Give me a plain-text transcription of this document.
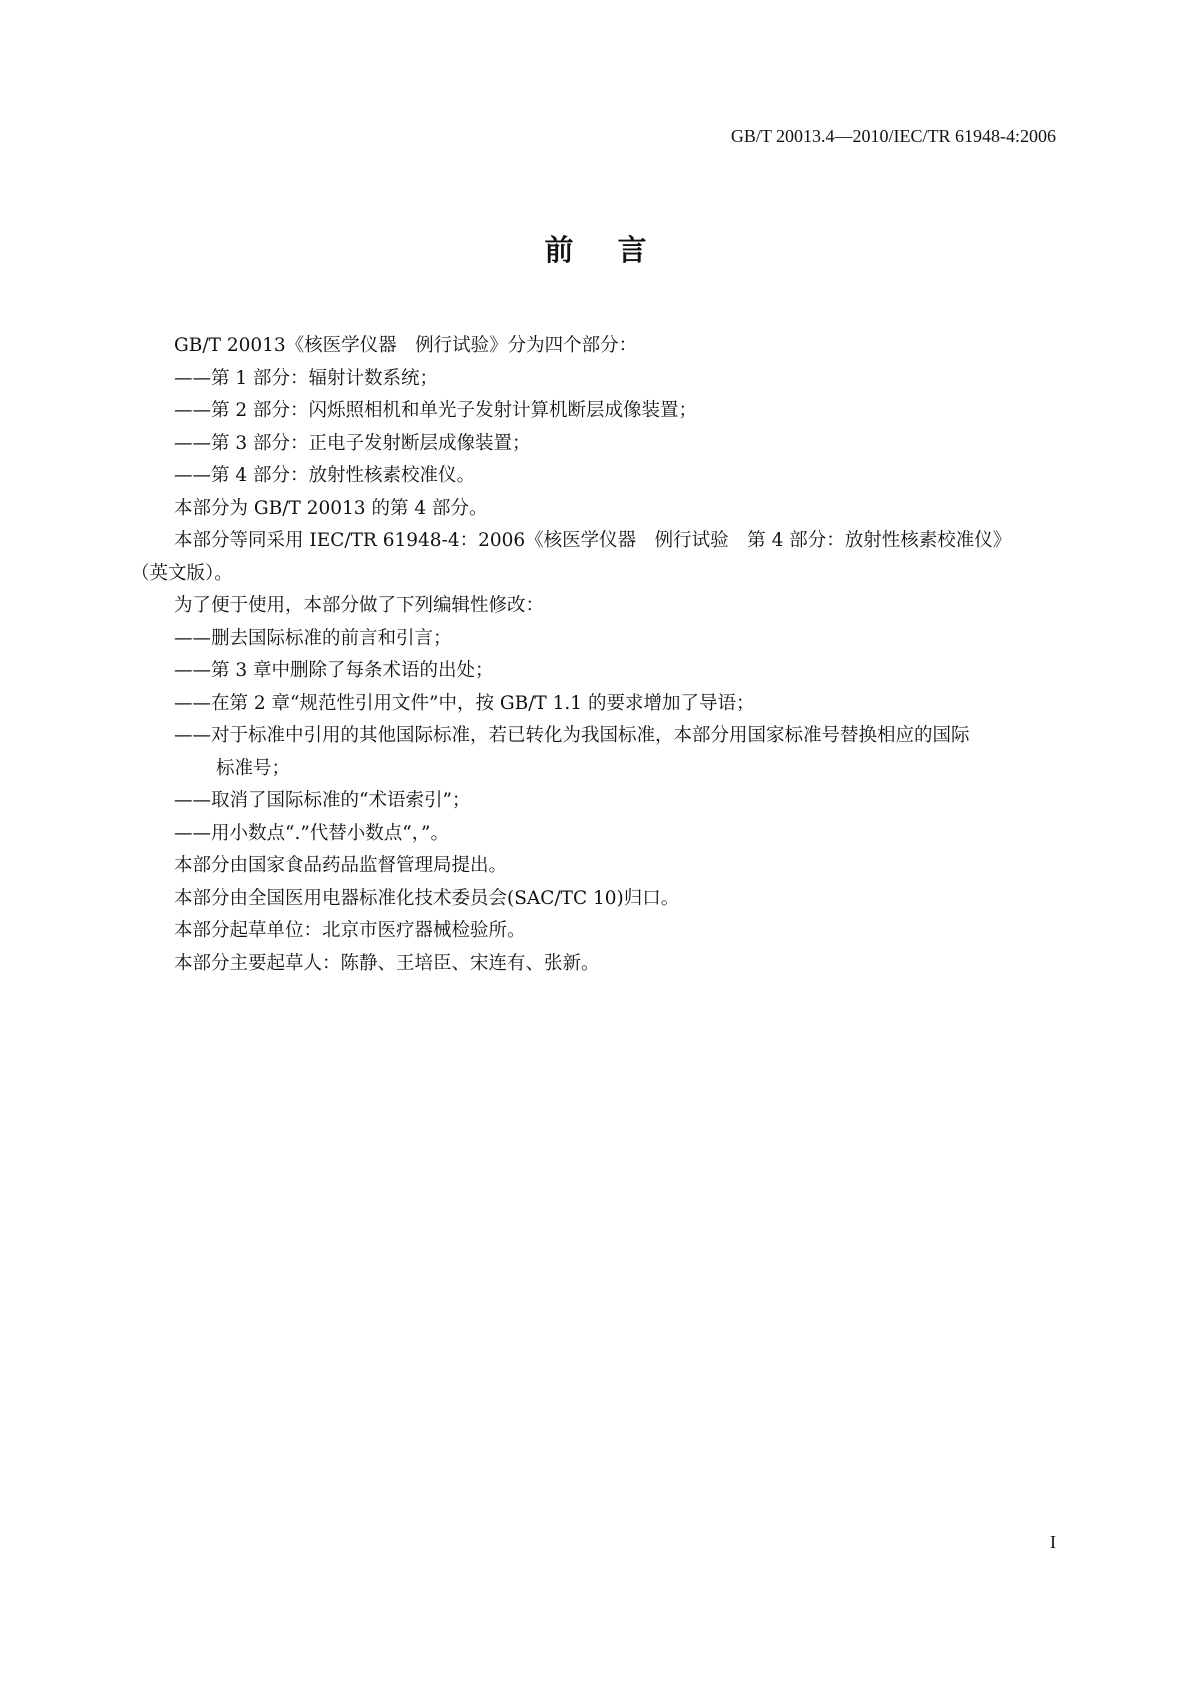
GB/T 20013.4—2010/IEC/TR 61948-4:2006
前言

GB/T 20013《核医学仪器　例行试验》分为四个部分：

——第 1 部分：辐射计数系统；

——第 2 部分：闪烁照相机和单光子发射计算机断层成像装置；

——第 3 部分：正电子发射断层成像装置；

——第 4 部分：放射性核素校准仪。

本部分为 GB/T 20013 的第 4 部分。

本部分等同采用 IEC/TR 61948-4：2006《核医学仪器　例行试验　第 4 部分：放射性核素校准仪》

（英文版）。

为了便于使用，本部分做了下列编辑性修改：

——删去国际标准的前言和引言；

——第 3 章中删除了每条术语的出处；

——在第 2 章“规范性引用文件”中，按 GB/T 1.1 的要求增加了导语；

——对于标准中引用的其他国际标准，若已转化为我国标准，本部分用国家标准号替换相应的国际

标准号；

——取消了国际标准的“术语索引”；

——用小数点“.”代替小数点“，”。

本部分由国家食品药品监督管理局提出。

本部分由全国医用电器标准化技术委员会(SAC/TC 10)归口。

本部分起草单位：北京市医疗器械检验所。

本部分主要起草人：陈静、王培臣、宋连有、张新。

I
